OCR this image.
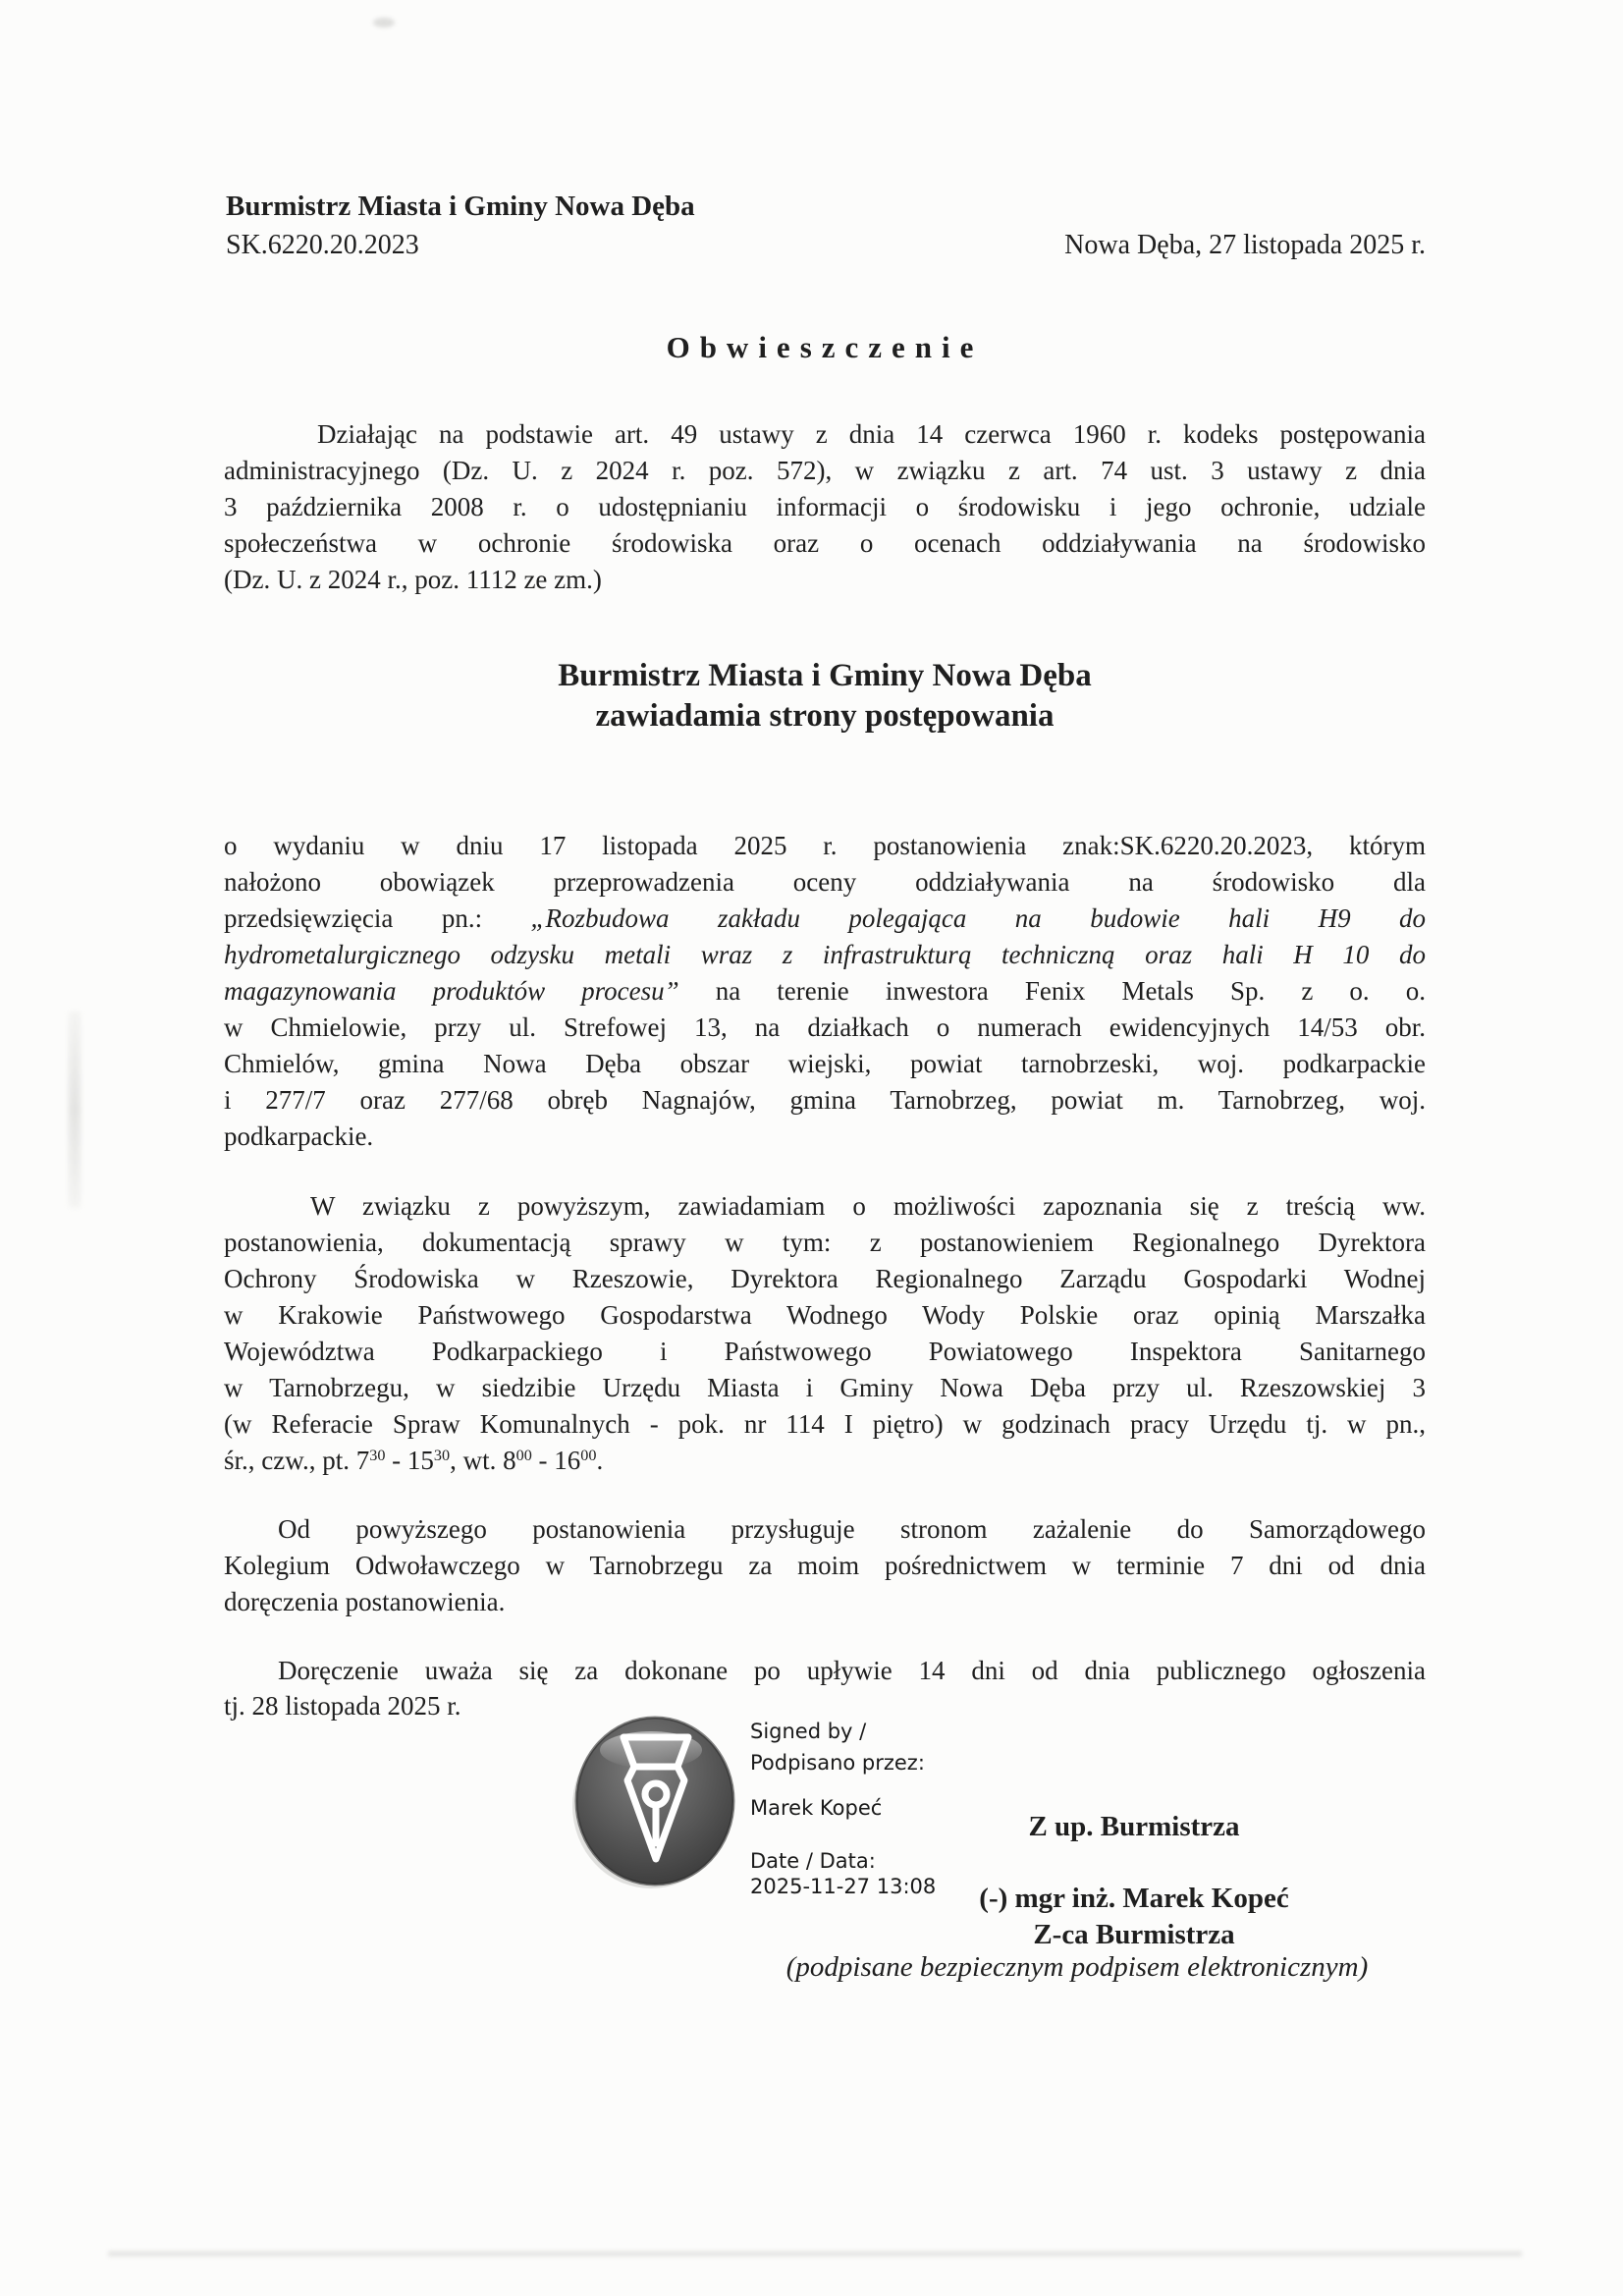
Burmistrz Miasta i Gminy Nowa Dęba
SK.6220.20.2023	Nowa Dęba, 27 listopada 2025 r.
Obwieszczenie
Działając na podstawie art. 49 ustawy z dnia 14 czerwca 1960 r. kodeks postępowania
administracyjnego (Dz. U. z 2024 r. poz. 572), w związku z art. 74 ust. 3 ustawy z dnia
3 października 2008 r. o udostępnianiu informacji o środowisku i jego ochronie, udziale
społeczeństwa w ochronie środowiska oraz o ocenach oddziaływania na środowisko
(Dz. U. z 2024 r., poz. 1112 ze zm.)
o wydaniu w dniu 17 listopada 2025 r. postanowienia znak:SK.6220.20.2023, którym
nałożono obowiązek przeprowadzenia oceny oddziaływania na środowisko dla
przedsięwzięcia pn.: „Rozbudowa zakładu polegająca na budowie hali H9 do
hydrometalurgicznego odzysku metali wraz z infrastrukturą techniczną oraz hali H 10 do
magazynowania produktów procesu” na terenie inwestora Fenix Metals Sp. z o. o.
w Chmielowie, przy ul. Strefowej 13, na działkach o numerach ewidencyjnych 14/53 obr.
Chmielów, gmina Nowa Dęba obszar wiejski, powiat tarnobrzeski, woj. podkarpackie
i 277/7 oraz 277/68 obręb Nagnajów, gmina Tarnobrzeg, powiat m. Tarnobrzeg, woj.
podkarpackie.
W związku z powyższym, zawiadamiam o możliwości zapoznania się z treścią ww.
postanowienia, dokumentacją sprawy w tym: z postanowieniem Regionalnego Dyrektora
Ochrony Środowiska w Rzeszowie, Dyrektora Regionalnego Zarządu Gospodarki Wodnej
w Krakowie Państwowego Gospodarstwa Wodnego Wody Polskie oraz opinią Marszałka
Województwa Podkarpackiego i Państwowego Powiatowego Inspektora Sanitarnego
w Tarnobrzegu, w siedzibie Urzędu Miasta i Gminy Nowa Dęba przy ul. Rzeszowskiej 3
(w Referacie Spraw Komunalnych - pok. nr 114 I piętro) w godzinach pracy Urzędu tj. w pn.,
śr., czw., pt. $7^{30} - 15^{30}$, wt. $8^{00} - 16^{00}$.
Od powyższego postanowienia przysługuje stronom zażalenie do Samorządowego
Kolegium Odwoławczego w Tarnobrzegu za moim pośrednictwem w terminie 7 dni od dnia
doręczenia postanowienia.
Doręczenie uważa się za dokonane po upływie 14 dni od dnia publicznego ogłoszenia
tj. 28 listopada 2025 r.
Burmistrz Miasta i Gminy Nowa Dęba
zawiadamia strony postępowania
Signed by /
Podpisano przez:
Marek Kopeć
Date / Data:
2025-11-27 13:08
Z up. Burmistrza
(-) mgr inż. Marek Kopeć
Z-ca Burmistrza
(podpisane bezpiecznym podpisem elektronicznym)
